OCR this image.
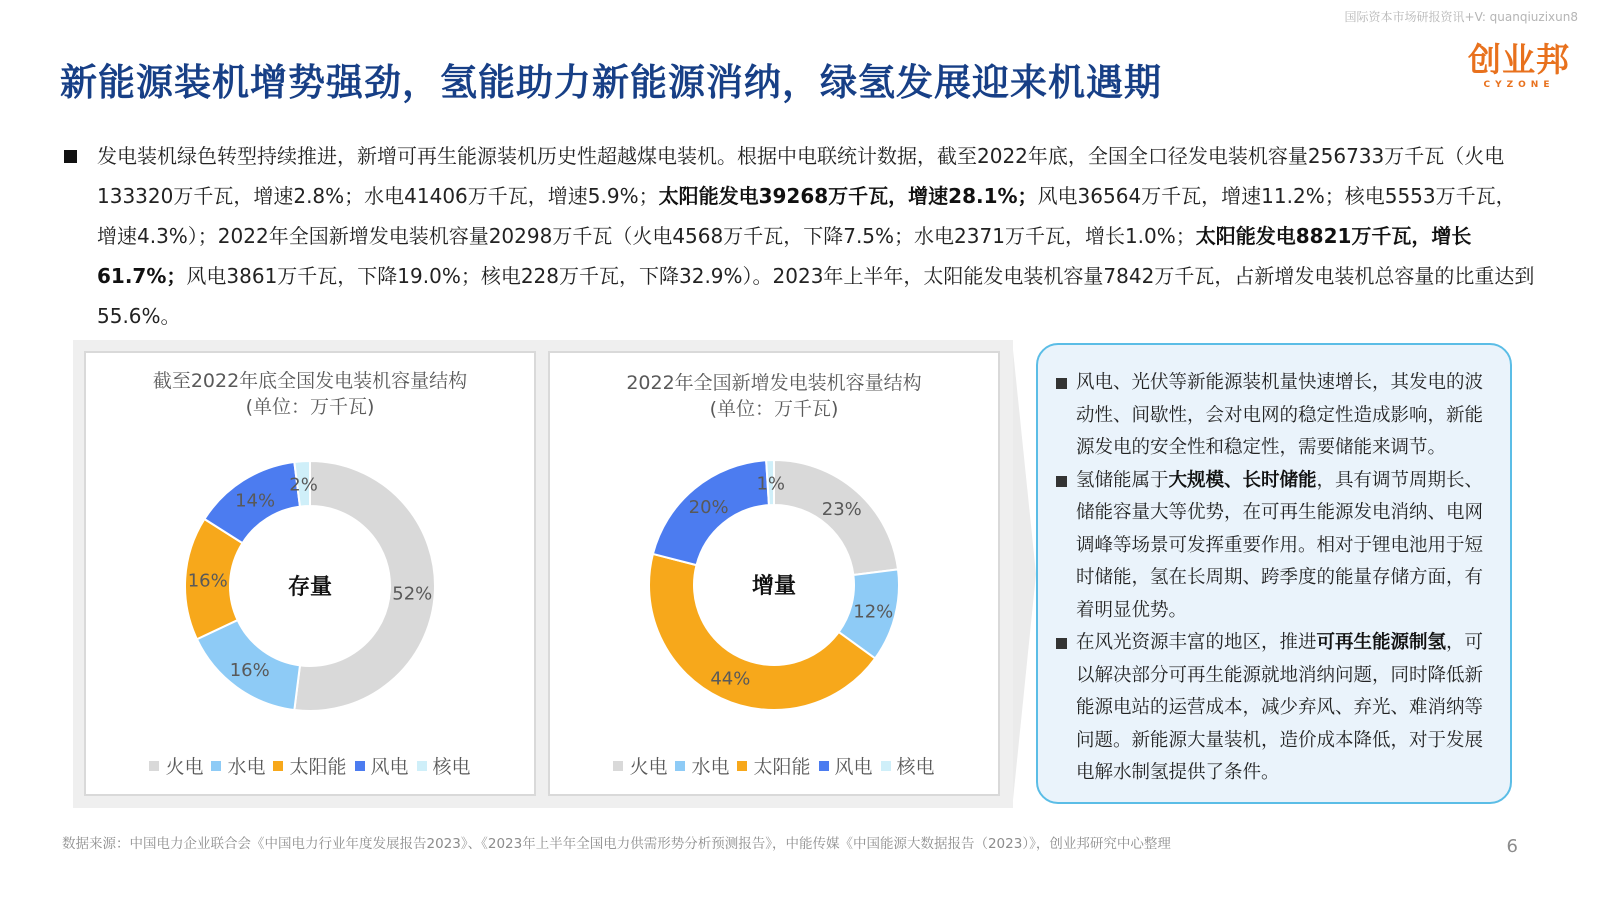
国际资本市场研报资讯+V: quanqiuzixun8
新能源装机增势强劲，氢能助力新能源消纳，绿氢发展迎来机遇期
创业邦
CYZONE

发电装机绿色转型持续推进，新增可再生能源装机历史性超越煤电装机。根据中电联统计数据，截至2022年底，全国全口径发电装机容量256733万千瓦（火电133320万千瓦，增速2.8%；水电41406万千瓦，增速5.9%；太阳能发电39268万千瓦，增速28.1%；风电36564万千瓦，增速11.2%；核电5553万千瓦，增速4.3%）；2022年全国新增发电装机容量20298万千瓦（火电4568万千瓦，下降7.5%；水电2371万千瓦，增长1.0%；太阳能发电8821万千瓦，增长61.7%；风电3861万千瓦，下降19.0%；核电228万千瓦，下降32.9%）。2023年上半年，太阳能发电装机容量7842万千瓦，占新增发电装机总容量的比重达到55.6%。

截至2022年底全国发电装机容量结构
(单位：万千瓦)
52%
16%
16%
14%
2%
存量
火电 水电 太阳能 风电 核电
2022年全国新增发电装机容量结构
(单位：万千瓦)
23%
12%
44%
20%
1%
增量
火电 水电 太阳能 风电 核电
风电、光伏等新能源装机量快速增长，其发电的波动性、间歇性，会对电网的稳定性造成影响，新能源发电的安全性和稳定性，需要储能来调节。
氢储能属于大规模、长时储能，具有调节周期长、储能容量大等优势，在可再生能源发电消纳、电网调峰等场景可发挥重要作用。相对于锂电池用于短时储能，氢在长周期、跨季度的能量存储方面，有着明显优势。
在风光资源丰富的地区，推进可再生能源制氢，可以解决部分可再生能源就地消纳问题，同时降低新能源电站的运营成本，减少弃风、弃光、难消纳等问题。新能源大量装机，造价成本降低，对于发展电解水制氢提供了条件。
数据来源：中国电力企业联合会《中国电力行业年度发展报告2023》、《2023年上半年全国电力供需形势分析预测报告》，中能传媒《中国能源大数据报告（2023）》，创业邦研究中心整理	6
